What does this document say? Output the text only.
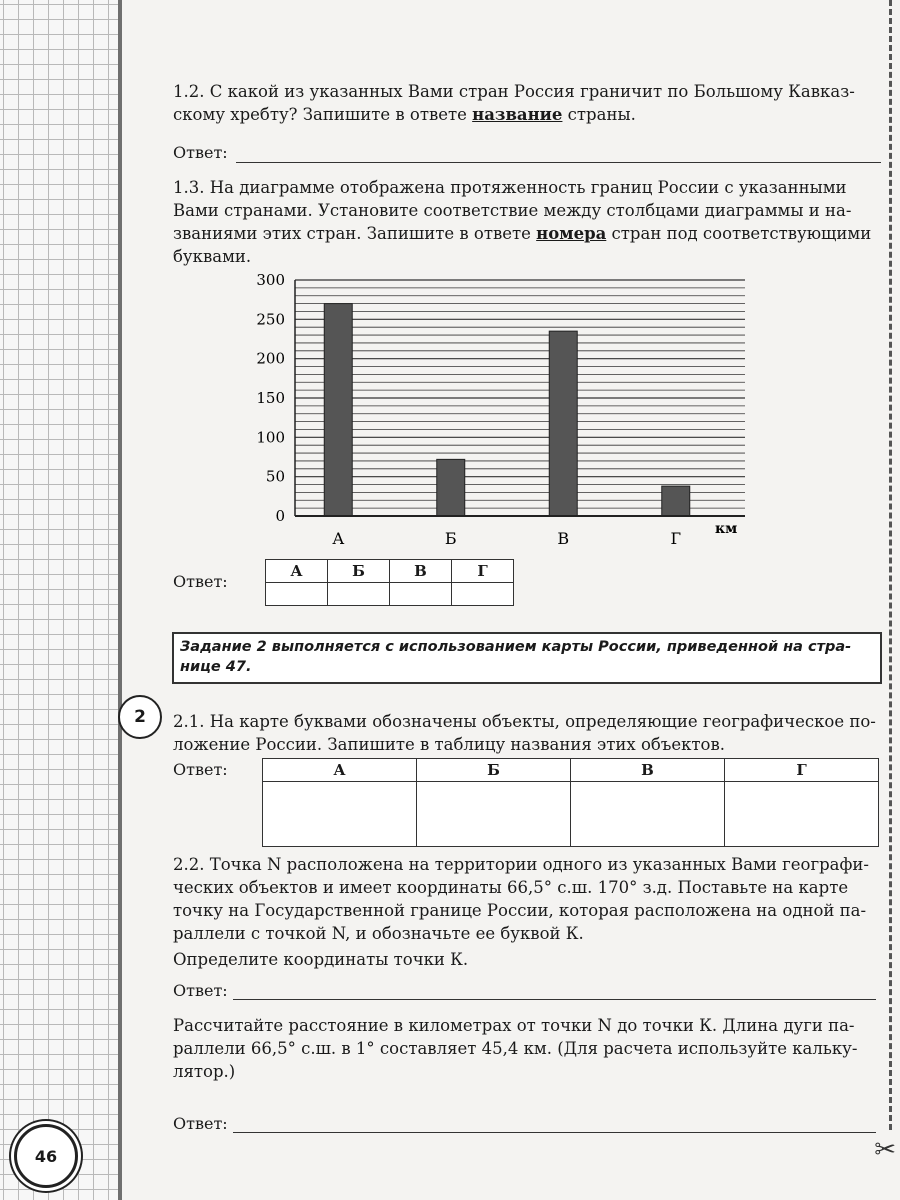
✂
1.2. С какой из указанных Вами стран Россия граничит по Большому Кавказ-
скому хребту? Запишите в ответе название страны.
Ответ:
1.3. На диаграмме отображена протяженность границ России с указанными
Вами странами. Установите соответствие между столбцами диаграммы и на-
званиями этих стран. Запишите в ответе номера стран под соответствующими
буквами.
0
50
100
150
200
250
300
А	Б	В	Г км
Ответ:
А	Б	В	Г

Задание 2 выполняется с использованием карты России, приведенной на стра-
нице 47.
2	2.1. На карте буквами обозначены объекты, определяющие географическое по-
ложение России. Запишите в таблицу названия этих объектов.
Ответ:	А	Б	В	Г

2.2. Точка N расположена на территории одного из указанных Вами географи-
ческих объектов и имеет координаты 66,5° с.ш. 170° з.д. Поставьте на карте
точку на Государственной границе России, которая расположена на одной па-
раллели с точкой N, и обозначьте ее буквой К.
Определите координаты точки К.
Ответ:
Рассчитайте расстояние в километрах от точки N до точки К. Длина дуги па-
раллели 66,5° с.ш. в 1° составляет 45,4 км. (Для расчета используйте кальку-
лятор.)
Ответ:
46
